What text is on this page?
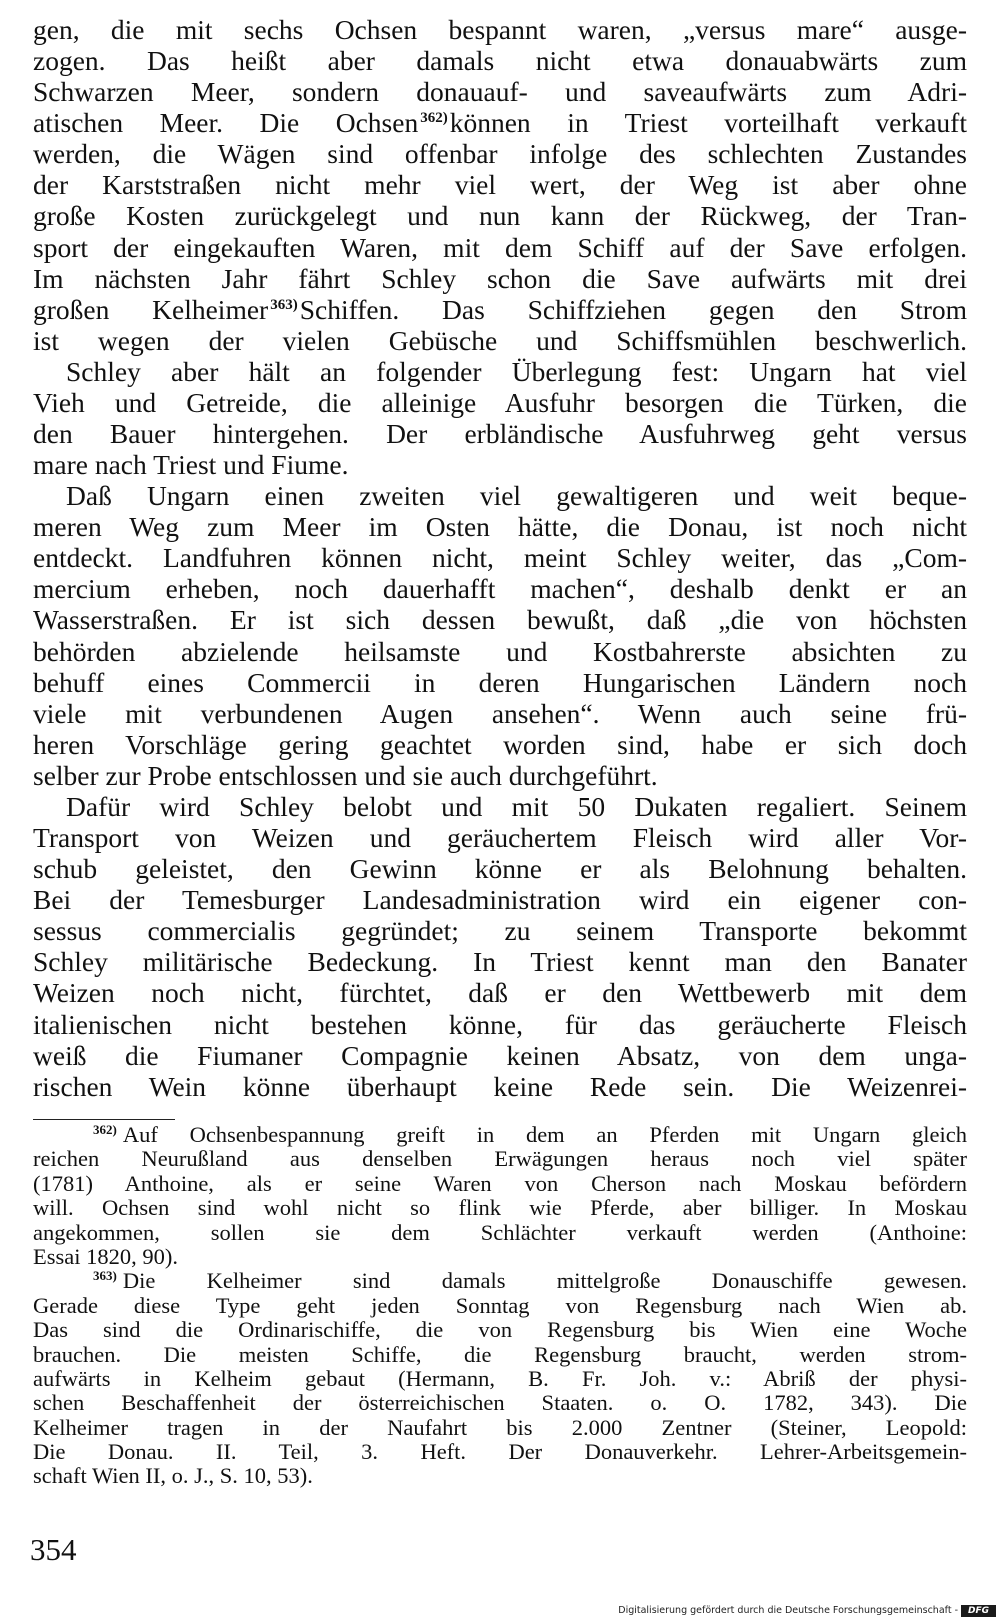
gen, die mit sechs Ochsen bespannt waren, „versus mare“ ausge-
zogen. Das heißt aber damals nicht etwa donauabwärts zum
Schwarzen Meer, sondern donauauf- und saveaufwärts zum Adri-
atischen Meer. Die Ochsen $^{362)}$können in Triest vorteilhaft verkauft
werden, die Wägen sind offenbar infolge des schlechten Zustandes
der Karststraßen nicht mehr viel wert, der Weg ist aber ohne
große Kosten zurückgelegt und nun kann der Rückweg, der Tran-
sport der eingekauften Waren, mit dem Schiff auf der Save erfolgen.
Im nächsten Jahr fährt Schley schon die Save aufwärts mit drei
großen Kelheimer $^{363)}$Schiffen. Das Schiffziehen gegen den Strom
ist wegen der vielen Gebüsche und Schiffsmühlen beschwerlich.
Schley aber hält an folgender Überlegung fest: Ungarn hat viel
Vieh und Getreide, die alleinige Ausfuhr besorgen die Türken, die
den Bauer hintergehen. Der erbländische Ausfuhrweg geht versus
mare nach Triest und Fiume.
Daß Ungarn einen zweiten viel gewaltigeren und weit beque-
meren Weg zum Meer im Osten hätte, die Donau, ist noch nicht
entdeckt. Landfuhren können nicht, meint Schley weiter, das „Com-
mercium erheben, noch dauerhafft machen“, deshalb denkt er an
Wasserstraßen. Er ist sich dessen bewußt, daß „die von höchsten
behörden abzielende heilsamste und Kostbahrerste absichten zu
behuff eines Commercii in deren Hungarischen Ländern noch
viele mit verbundenen Augen ansehen“. Wenn auch seine frü-
heren Vorschläge gering geachtet worden sind, habe er sich doch
selber zur Probe entschlossen und sie auch durchgeführt.
Dafür wird Schley belobt und mit 50 Dukaten regaliert. Seinem
Transport von Weizen und geräuchertem Fleisch wird aller Vor-
schub geleistet, den Gewinn könne er als Belohnung behalten.
Bei der Temesburger Landesadministration wird ein eigener con-
sessus commercialis gegründet; zu seinem Transporte bekommt
Schley militärische Bedeckung. In Triest kennt man den Banater
Weizen noch nicht, fürchtet, daß er den Wettbewerb mit dem
italienischen nicht bestehen könne, für das geräucherte Fleisch
weiß die Fiumaner Compagnie keinen Absatz, von dem unga-
rischen Wein könne überhaupt keine Rede sein. Die Weizenrei-
$^{362)}$ Auf Ochsenbespannung greift in dem an Pferden mit Ungarn gleich
reichen Neurußland aus denselben Erwägungen heraus noch viel später
(1781) Anthoine, als er seine Waren von Cherson nach Moskau befördern
will. Ochsen sind wohl nicht so flink wie Pferde, aber billiger. In Moskau
angekommen, sollen sie dem Schlächter verkauft werden (Anthoine:
Essai 1820, 90).
$^{363)}$ Die Kelheimer sind damals mittelgroße Donauschiffe gewesen.
Gerade diese Type geht jeden Sonntag von Regensburg nach Wien ab.
Das sind die Ordinarischiffe, die von Regensburg bis Wien eine Woche
brauchen. Die meisten Schiffe, die Regensburg braucht, werden strom-
aufwärts in Kelheim gebaut (Hermann, B. Fr. Joh. v.: Abriß der physi-
schen Beschaffenheit der österreichischen Staaten. o. O. 1782, 343). Die
Kelheimer tragen in der Naufahrt bis 2.000 Zentner (Steiner, Leopold:
Die Donau. II. Teil, 3. Heft. Der Donauverkehr. Lehrer-Arbeitsgemein-
schaft Wien II, o. J., S. 10, 53).
354
Digitalisierung gefördert durch die Deutsche Forschungsgemeinschaft -	DFG
